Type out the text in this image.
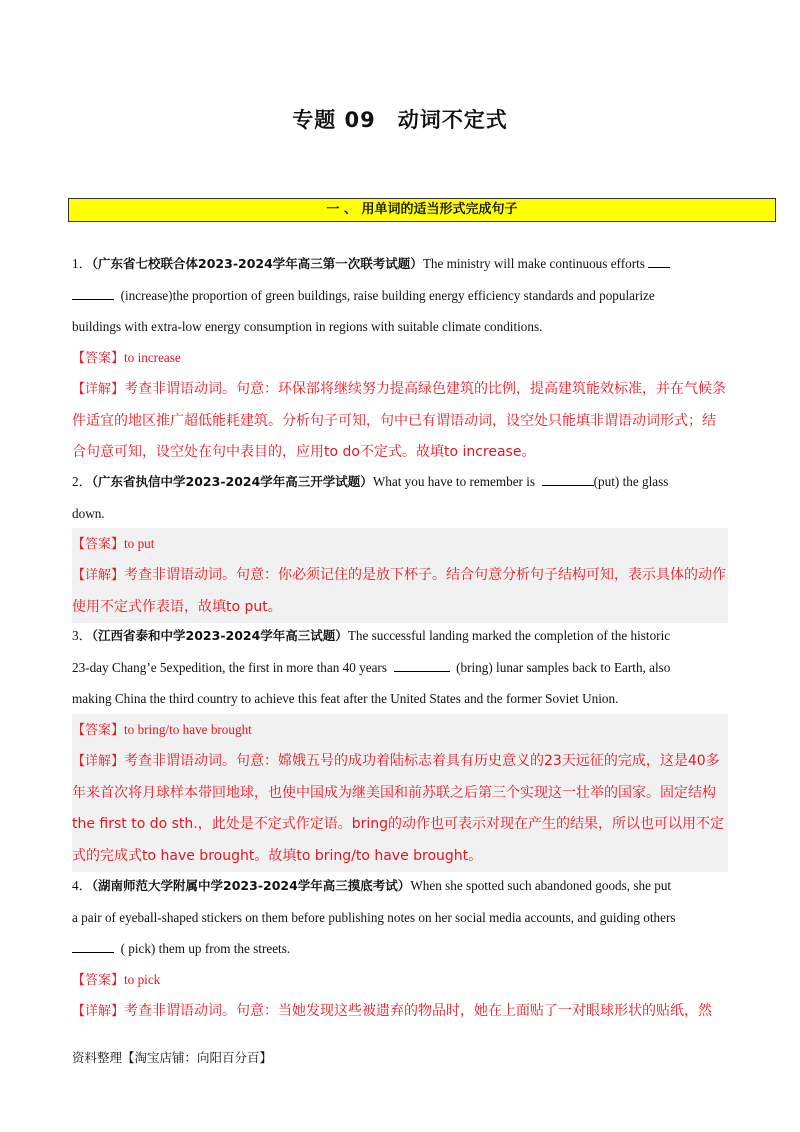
专题 09　动词不定式
一 、 用单词的适当形式完成句子
1．（广东省七校联合体2023-2024学年高三第一次联考试题）The ministry will make continuous efforts
(increase)the proportion of green buildings, raise building energy efficiency standards and popularize
buildings with extra-low energy consumption in regions with suitable climate conditions.
【答案】to increase
【详解】考查非谓语动词。句意：环保部将继续努力提高绿色建筑的比例，提高建筑能效标准，并在气候条件适宜的地区推广超低能耗建筑。分析句子可知，句中已有谓语动词，设空处只能填非谓语动词形式；结合句意可知，设空处在句中表目的，应用to do不定式。故填to increase。
2．（广东省执信中学2023-2024学年高三开学试题）What you have to remember is	(put) the glass
down.
【答案】to put
【详解】考查非谓语动词。句意：你必须记住的是放下杯子。结合句意分析句子结构可知，表示具体的动作使用不定式作表语，故填to put。
3．（江西省泰和中学2023-2024学年高三试题）The successful landing marked the completion of the historic
23-day Chang’e 5expedition, the first in more than 40 years	(bring) lunar samples back to Earth, also
making China the third country to achieve this feat after the United States and the former Soviet Union.
【答案】to bring/to have brought
【详解】考查非谓语动词。句意：嫦娥五号的成功着陆标志着具有历史意义的23天远征的完成，这是40多年来首次将月球样本带回地球，也使中国成为继美国和前苏联之后第三个实现这一壮举的国家。固定结构the first to do sth.，此处是不定式作定语。bring的动作也可表示对现在产生的结果，所以也可以用不定式的完成式to have brought。故填to bring/to have brought。
4．（湖南师范大学附属中学2023-2024学年高三摸底考试）When she spotted such abandoned goods, she put
a pair of eyeball-shaped stickers on them before publishing notes on her social media accounts, and guiding others
( pick) them up from the streets.
【答案】to pick
【详解】考查非谓语动词。句意：当她发现这些被遗弃的物品时，她在上面贴了一对眼球形状的贴纸，然
资料整理【淘宝店铺：向阳百分百】
